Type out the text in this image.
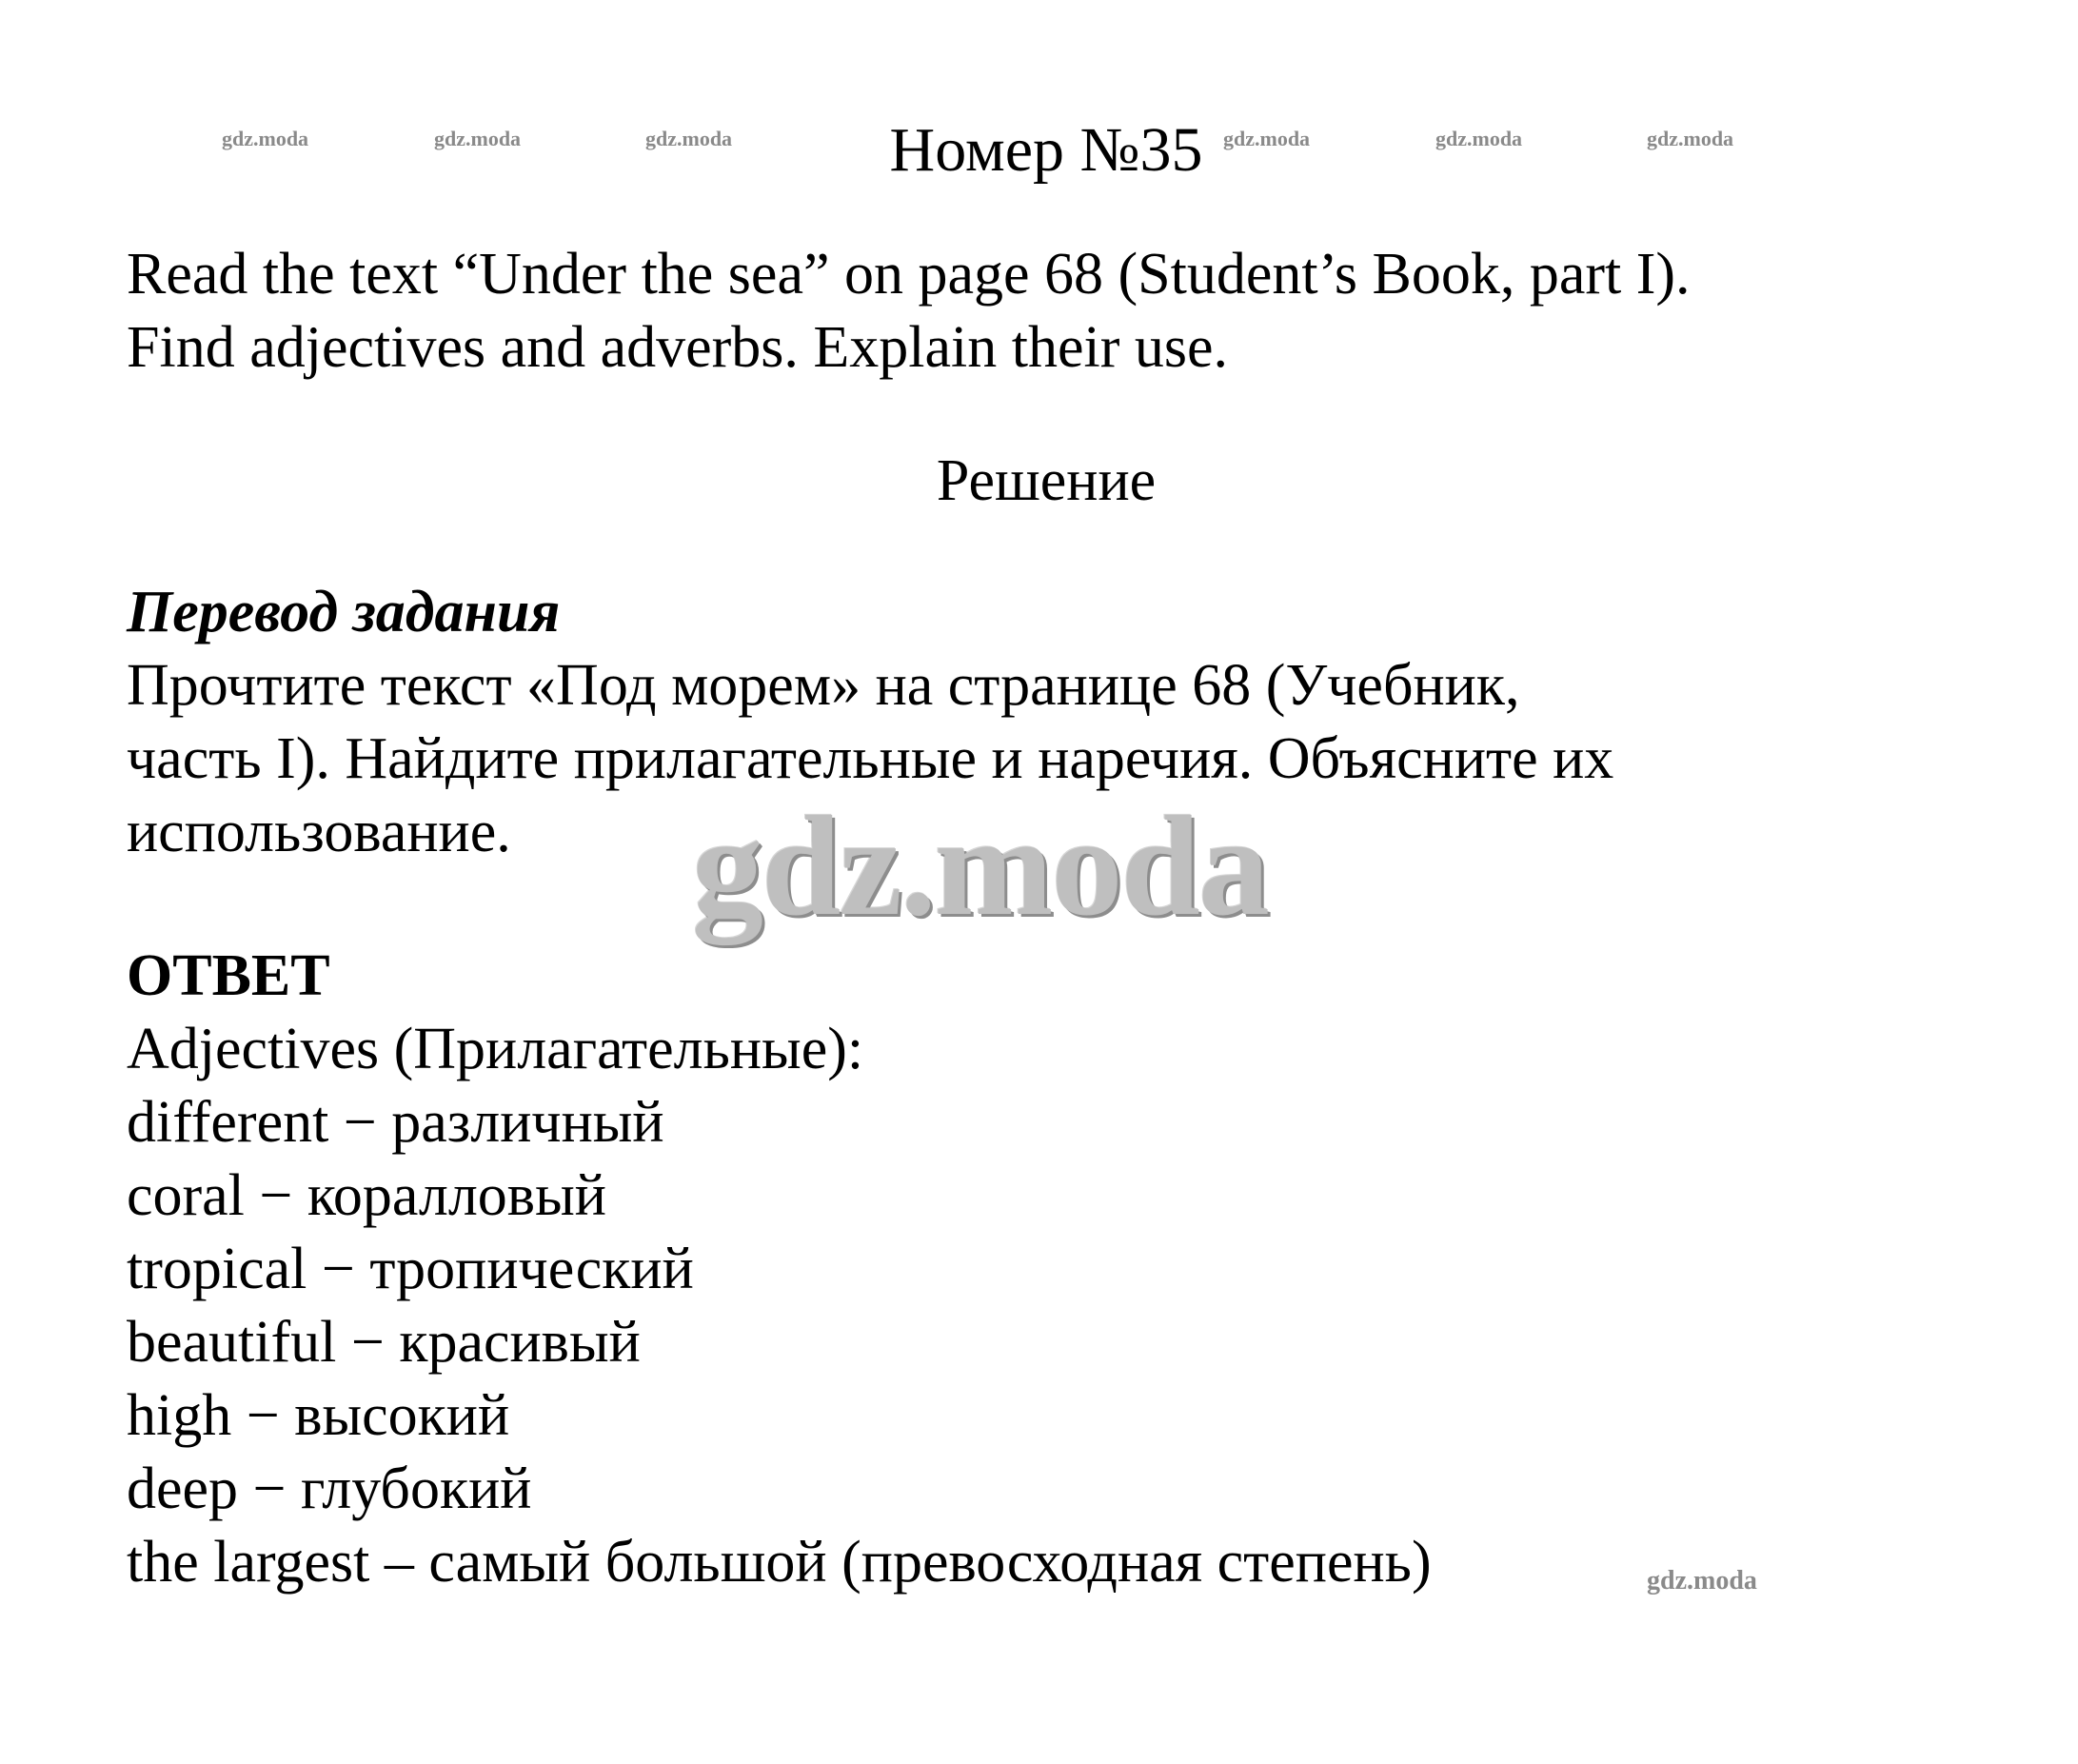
gdz.moda	gdz.moda	gdz.moda	gdz.moda	gdz.moda	gdz.moda
Номер №35
Read the text “Under the sea” on page 68 (Student’s Book, part I).
Find adjectives and adverbs. Explain their use.
Решение
Перевод задания
Прочтите текст «Под морем» на странице 68 (Учебник,
часть I). Найдите прилагательные и наречия. Объясните их
использование.	gdz.moda
ОТВЕТ
Adjectives (Прилагательные):
different − различный
coral − коралловый
tropical − тропический
beautiful − красивый
high − высокий
deep − глубокий
the largest – самый большой (превосходная степень)	gdz.moda
